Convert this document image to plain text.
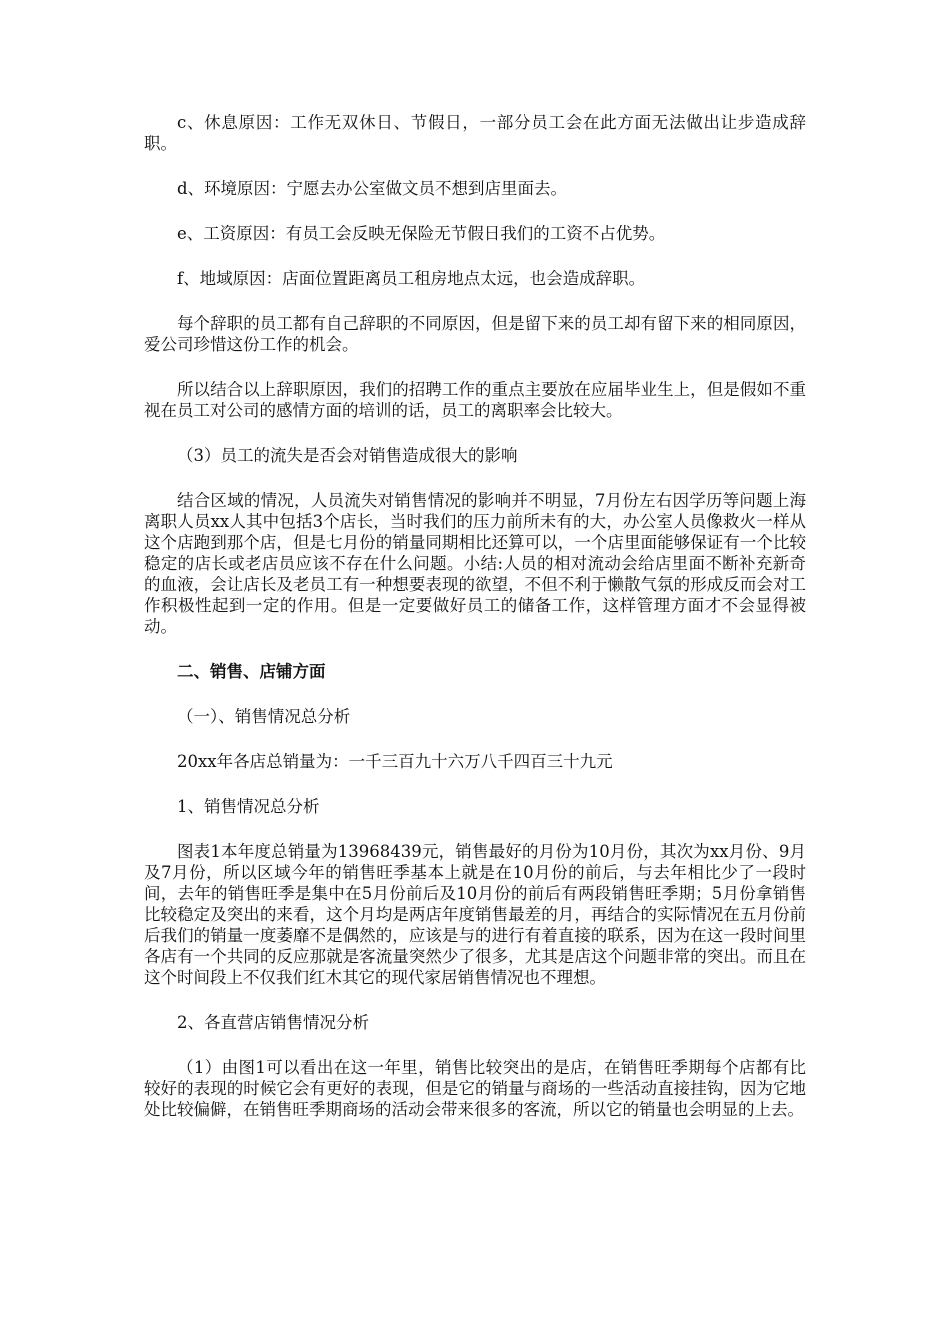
c、休息原因：工作无双休日、节假日，一部分员工会在此方面无法做出让步造成辞职。

d、环境原因：宁愿去办公室做文员不想到店里面去。

e、工资原因：有员工会反映无保险无节假日我们的工资不占优势。

f、地域原因：店面位置距离员工租房地点太远，也会造成辞职。

每个辞职的员工都有自己辞职的不同原因，但是留下来的员工却有留下来的相同原因，爱公司珍惜这份工作的机会。

所以结合以上辞职原因，我们的招聘工作的重点主要放在应届毕业生上，但是假如不重视在员工对公司的感情方面的培训的话，员工的离职率会比较大。

（3）员工的流失是否会对销售造成很大的影响

结合区域的情况，人员流失对销售情况的影响并不明显，7月份左右因学历等问题上海离职人员xx人其中包括3个店长，当时我们的压力前所未有的大，办公室人员像救火一样从这个店跑到那个店，但是七月份的销量同期相比还算可以，一个店里面能够保证有一个比较稳定的店长或老店员应该不存在什么问题。小结:人员的相对流动会给店里面不断补充新奇的血液，会让店长及老员工有一种想要表现的欲望，不但不利于懒散气氛的形成反而会对工作积极性起到一定的作用。但是一定要做好员工的储备工作，这样管理方面才不会显得被动。

二、销售、店铺方面

（一）、销售情况总分析

20xx年各店总销量为：一千三百九十六万八千四百三十九元

1、销售情况总分析

图表1本年度总销量为13968439元，销售最好的月份为10月份，其次为xx月份、9月及7月份，所以区域今年的销售旺季基本上就是在10月份的前后，与去年相比少了一段时间，去年的销售旺季是集中在5月份前后及10月份的前后有两段销售旺季期；5月份拿销售比较稳定及突出的来看，这个月均是两店年度销售最差的月，再结合的实际情况在五月份前后我们的销量一度萎靡不是偶然的，应该是与的进行有着直接的联系，因为在这一段时间里各店有一个共同的反应那就是客流量突然少了很多，尤其是店这个问题非常的突出。而且在这个时间段上不仅我们红木其它的现代家居销售情况也不理想。

2、各直营店销售情况分析

（1）由图1可以看出在这一年里，销售比较突出的是店，在销售旺季期每个店都有比较好的表现的时候它会有更好的表现，但是它的销量与商场的一些活动直接挂钩，因为它地处比较偏僻，在销售旺季期商场的活动会带来很多的客流，所以它的销量也会明显的上去。
